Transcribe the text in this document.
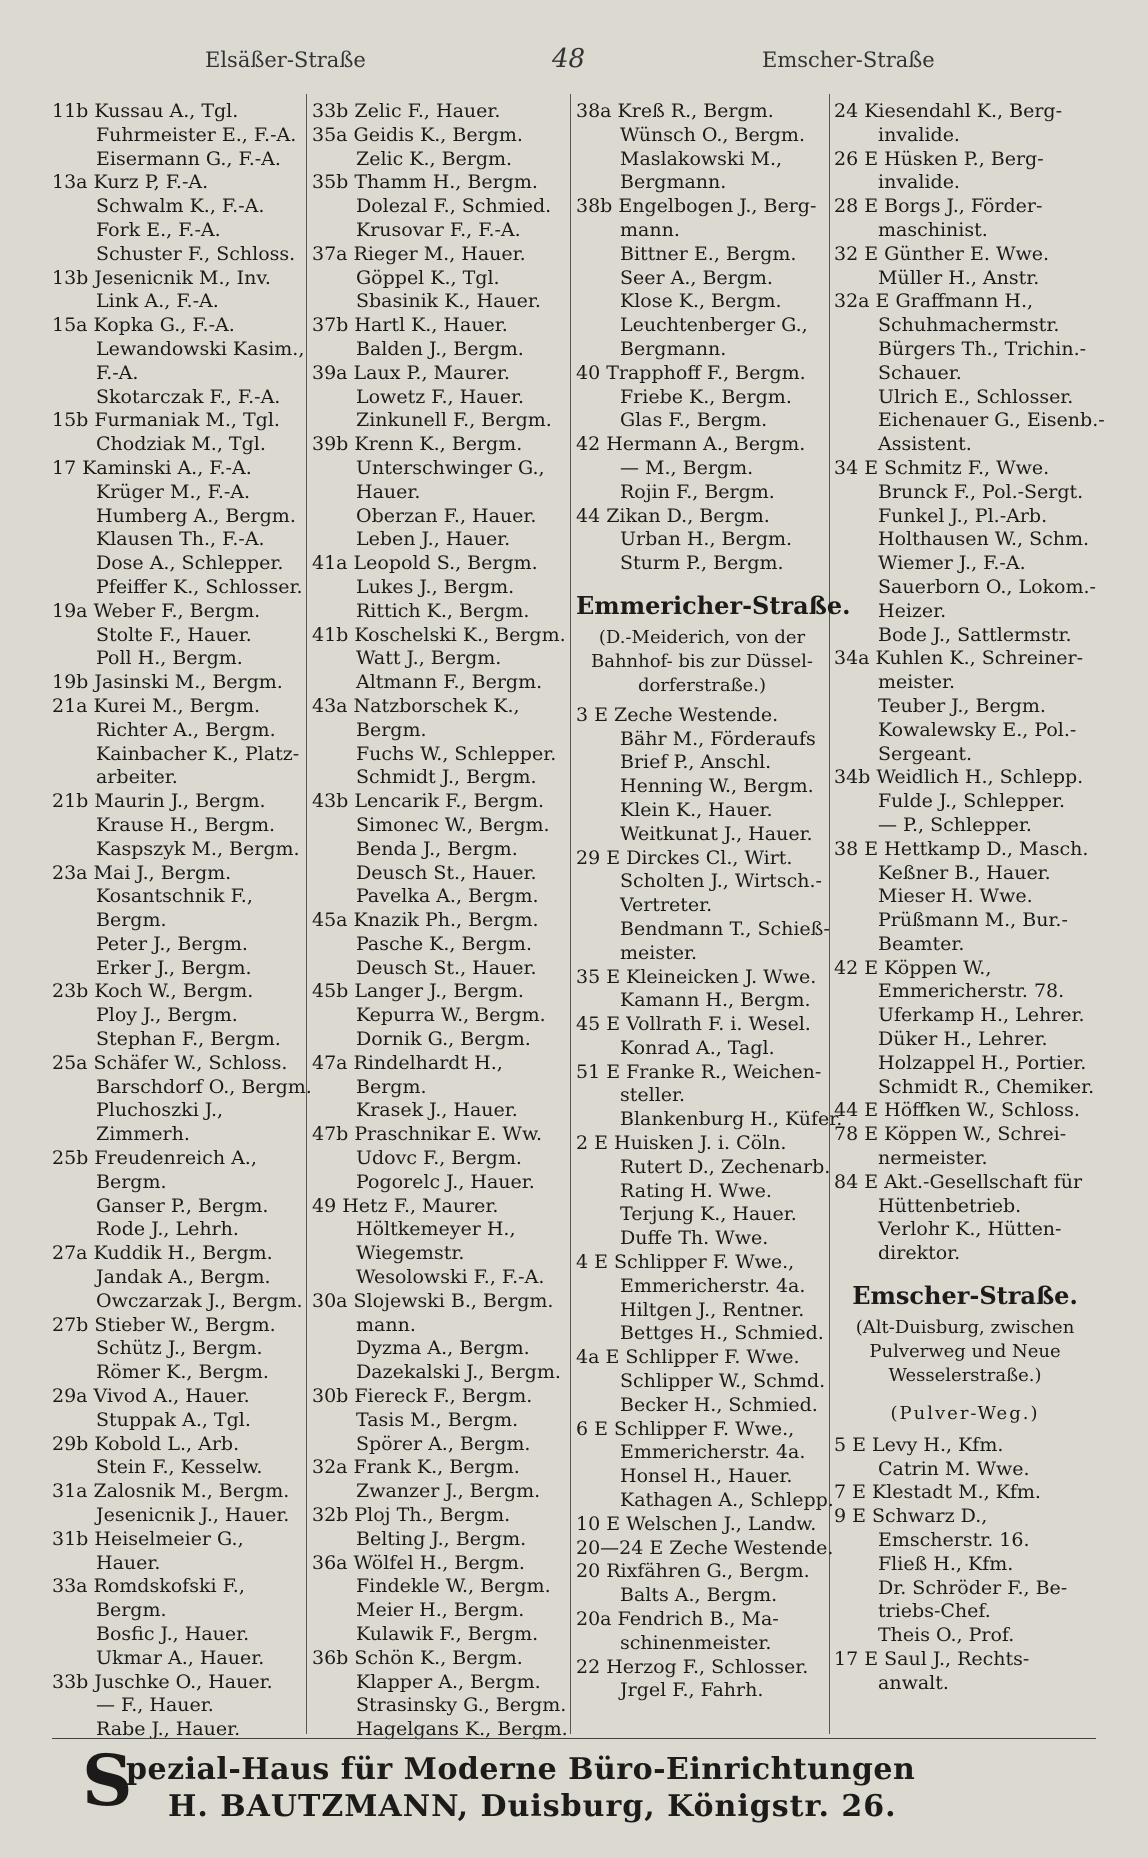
Elsäßer-Straße	48	Emscher-Straße
11b Kussau A., Tgl.
Fuhrmeister E., F.-A.
Eisermann G., F.-A.
13a Kurz P, F.-A.
Schwalm K., F.-A.
Fork E., F.-A.
Schuster F., Schloss.
13b Jesenicnik M., Inv.
Link A., F.-A.
15a Kopka G., F.-A.
Lewandowski Kasim.,
F.-A.
Skotarczak F., F.-A.
15b Furmaniak M., Tgl.
Chodziak M., Tgl.
17 Kaminski A., F.-A.
Krüger M., F.-A.
Humberg A., Bergm.
Klausen Th., F.-A.
Dose A., Schlepper.
Pfeiffer K., Schlosser.
19a Weber F., Bergm.
Stolte F., Hauer.
Poll H., Bergm.
19b Jasinski M., Bergm.
21a Kurei M., Bergm.
Richter A., Bergm.
Kainbacher K., Platz-
arbeiter.
21b Maurin J., Bergm.
Krause H., Bergm.
Kaspszyk M., Bergm.
23a Mai J., Bergm.
Kosantschnik F.,
Bergm.
Peter J., Bergm.
Erker J., Bergm.
23b Koch W., Bergm.
Ploy J., Bergm.
Stephan F., Bergm.
25a Schäfer W., Schloss.
Barschdorf O., Bergm.
Pluchoszki J.,
Zimmerh.
25b Freudenreich A.,
Bergm.
Ganser P., Bergm.
Rode J., Lehrh.
27a Kuddik H., Bergm.
Jandak A., Bergm.
Owczarzak J., Bergm.
27b Stieber W., Bergm.
Schütz J., Bergm.
Römer K., Bergm.
29a Vivod A., Hauer.
Stuppak A., Tgl.
29b Kobold L., Arb.
Stein F., Kesselw.
31a Zalosnik M., Bergm.
Jesenicnik J., Hauer.
31b Heiselmeier G.,
Hauer.
33a Romdskofski F.,
Bergm.
Bosfic J., Hauer.
Ukmar A., Hauer.
33b Juschke O., Hauer.
— F., Hauer.
Rabe J., Hauer.
33b Zelic F., Hauer.
35a Geidis K., Bergm.
Zelic K., Bergm.
35b Thamm H., Bergm.
Dolezal F., Schmied.
Krusovar F., F.-A.
37a Rieger M., Hauer.
Göppel K., Tgl.
Sbasinik K., Hauer.
37b Hartl K., Hauer.
Balden J., Bergm.
39a Laux P., Maurer.
Lowetz F., Hauer.
Zinkunell F., Bergm.
39b Krenn K., Bergm.
Unterschwinger G.,
Hauer.
Oberzan F., Hauer.
Leben J., Hauer.
41a Leopold S., Bergm.
Lukes J., Bergm.
Rittich K., Bergm.
41b Koschelski K., Bergm.
Watt J., Bergm.
Altmann F., Bergm.
43a Natzborschek K.,
Bergm.
Fuchs W., Schlepper.
Schmidt J., Bergm.
43b Lencarik F., Bergm.
Simonec W., Bergm.
Benda J., Bergm.
Deusch St., Hauer.
Pavelka A., Bergm.
45a Knazik Ph., Bergm.
Pasche K., Bergm.
Deusch St., Hauer.
45b Langer J., Bergm.
Kepurra W., Bergm.
Dornik G., Bergm.
47a Rindelhardt H.,
Bergm.
Krasek J., Hauer.
47b Praschnikar E. Ww.
Udovc F., Bergm.
Pogorelc J., Hauer.
49 Hetz F., Maurer.
Höltkemeyer H.,
Wiegemstr.
Wesolowski F., F.-A.
30a Slojewski B., Bergm.
mann.
Dyzma A., Bergm.
Dazekalski J., Bergm.
30b Fiereck F., Bergm.
Tasis M., Bergm.
Spörer A., Bergm.
32a Frank K., Bergm.
Zwanzer J., Bergm.
32b Ploj Th., Bergm.
Belting J., Bergm.
36a Wölfel H., Bergm.
Findekle W., Bergm.
Meier H., Bergm.
Kulawik F., Bergm.
36b Schön K., Bergm.
Klapper A., Bergm.
Strasinsky G., Bergm.
Hagelgans K., Bergm.
38a Kreß R., Bergm.
Wünsch O., Bergm.
Maslakowski M.,
Bergmann.
38b Engelbogen J., Berg-
mann.
Bittner E., Bergm.
Seer A., Bergm.
Klose K., Bergm.
Leuchtenberger G.,
Bergmann.
40 Trapphoff F., Bergm.
Friebe K., Bergm.
Glas F., Bergm.
42 Hermann A., Bergm.
— M., Bergm.
Rojin F., Bergm.
44 Zikan D., Bergm.
Urban H., Bergm.
Sturm P., Bergm.
Emmericher-Straße.
(D.-Meiderich, von der Bahnhof- bis zur Düssel-dorferstraße.)
3 E Zeche Westende.
Bähr M., Förderaufs
Brief P., Anschl.
Henning W., Bergm.
Klein K., Hauer.
Weitkunat J., Hauer.
29 E Dirckes Cl., Wirt.
Scholten J., Wirtsch.-
Vertreter.
Bendmann T., Schieß-
meister.
35 E Kleineicken J. Wwe.
Kamann H., Bergm.
45 E Vollrath F. i. Wesel.
Konrad A., Tagl.
51 E Franke R., Weichen-
steller.
Blankenburg H., Küfer.
2 E Huisken J. i. Cöln.
Rutert D., Zechenarb.
Rating H. Wwe.
Terjung K., Hauer.
Duffe Th. Wwe.
4 E Schlipper F. Wwe.,
Emmericherstr. 4a.
Hiltgen J., Rentner.
Bettges H., Schmied.
4a E Schlipper F. Wwe.
Schlipper W., Schmd.
Becker H., Schmied.
6 E Schlipper F. Wwe.,
Emmericherstr. 4a.
Honsel H., Hauer.
Kathagen A., Schlepp.
10 E Welschen J., Landw.
20—24 E Zeche Westende.
20 Rixfähren G., Bergm.
Balts A., Bergm.
20a Fendrich B., Ma-
schinenmeister.
22 Herzog F., Schlosser.
Jrgel F., Fahrh.
24 Kiesendahl K., Berg-
invalide.
26 E Hüsken P., Berg-
invalide.
28 E Borgs J., Förder-
maschinist.
32 E Günther E. Wwe.
Müller H., Anstr.
32a E Graffmann H.,
Schuhmachermstr.
Bürgers Th., Trichin.-
Schauer.
Ulrich E., Schlosser.
Eichenauer G., Eisenb.-
Assistent.
34 E Schmitz F., Wwe.
Brunck F., Pol.-Sergt.
Funkel J., Pl.-Arb.
Holthausen W., Schm.
Wiemer J., F.-A.
Sauerborn O., Lokom.-
Heizer.
Bode J., Sattlermstr.
34a Kuhlen K., Schreiner-
meister.
Teuber J., Bergm.
Kowalewsky E., Pol.-
Sergeant.
34b Weidlich H., Schlepp.
Fulde J., Schlepper.
— P., Schlepper.
38 E Hettkamp D., Masch.
Keßner B., Hauer.
Mieser H. Wwe.
Prüßmann M., Bur.-
Beamter.
42 E Köppen W.,
Emmericherstr. 78.
Uferkamp H., Lehrer.
Düker H., Lehrer.
Holzappel H., Portier.
Schmidt R., Chemiker.
44 E Höffken W., Schloss.
78 E Köppen W., Schrei-
nermeister.
84 E Akt.-Gesellschaft für
Hüttenbetrieb.
Verlohr K., Hütten-
direktor.
Emscher-Straße.
(Alt-Duisburg, zwischen Pulverweg und Neue Wesselerstraße.)
(Pulver-Weg.)
5 E Levy H., Kfm.
Catrin M. Wwe.
7 E Klestadt M., Kfm.
9 E Schwarz D.,
Emscherstr. 16.
Fließ H., Kfm.
Dr. Schröder F., Be-
triebs-Chef.
Theis O., Prof.
17 E Saul J., Rechts-
anwalt.
S
pezial-Haus für Moderne Büro-Einrichtungen
H. BAUTZMANN, Duisburg, Königstr. 26.
